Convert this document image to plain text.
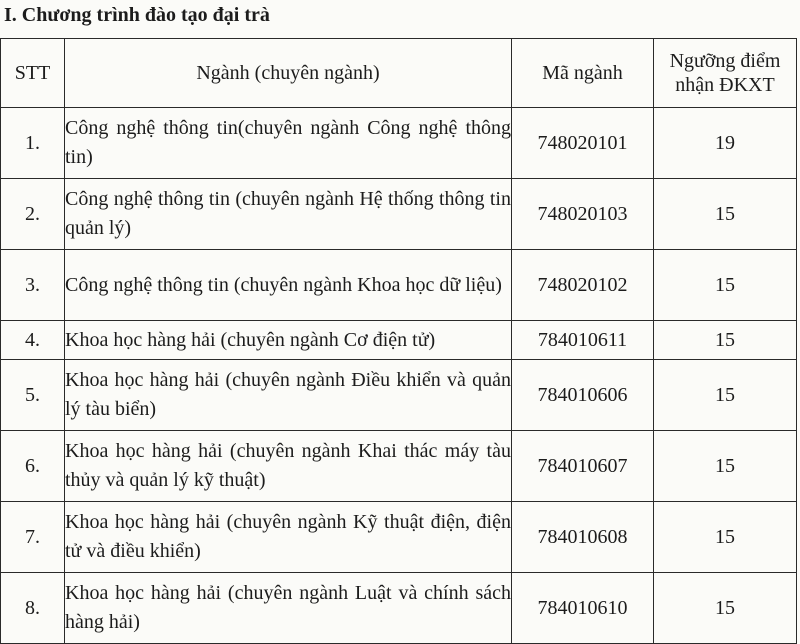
I. Chương trình đào tạo đại trà
STT	Ngành (chuyên ngành)	Mã ngành	Ngưỡng điểm
nhận ĐKXT
1.	Công nghệ thông tin(chuyên ngành Công nghệ thông tin)	748020101	19
2.	Công nghệ thông tin (chuyên ngành Hệ thống thông tin quản lý)	748020103	15
3.	Công nghệ thông tin (chuyên ngành Khoa học dữ liệu)	748020102	15
4.	Khoa học hàng hải (chuyên ngành Cơ điện tử)	784010611	15
5.	Khoa học hàng hải (chuyên ngành Điều khiển và quản lý tàu biển)	784010606	15
6.	Khoa học hàng hải (chuyên ngành Khai thác máy tàu thủy và quản lý kỹ thuật)	784010607	15
7.	Khoa học hàng hải (chuyên ngành Kỹ thuật điện, điện tử và điều khiển)	784010608	15
8.	Khoa học hàng hải (chuyên ngành Luật và chính sách hàng hải)	784010610	15
